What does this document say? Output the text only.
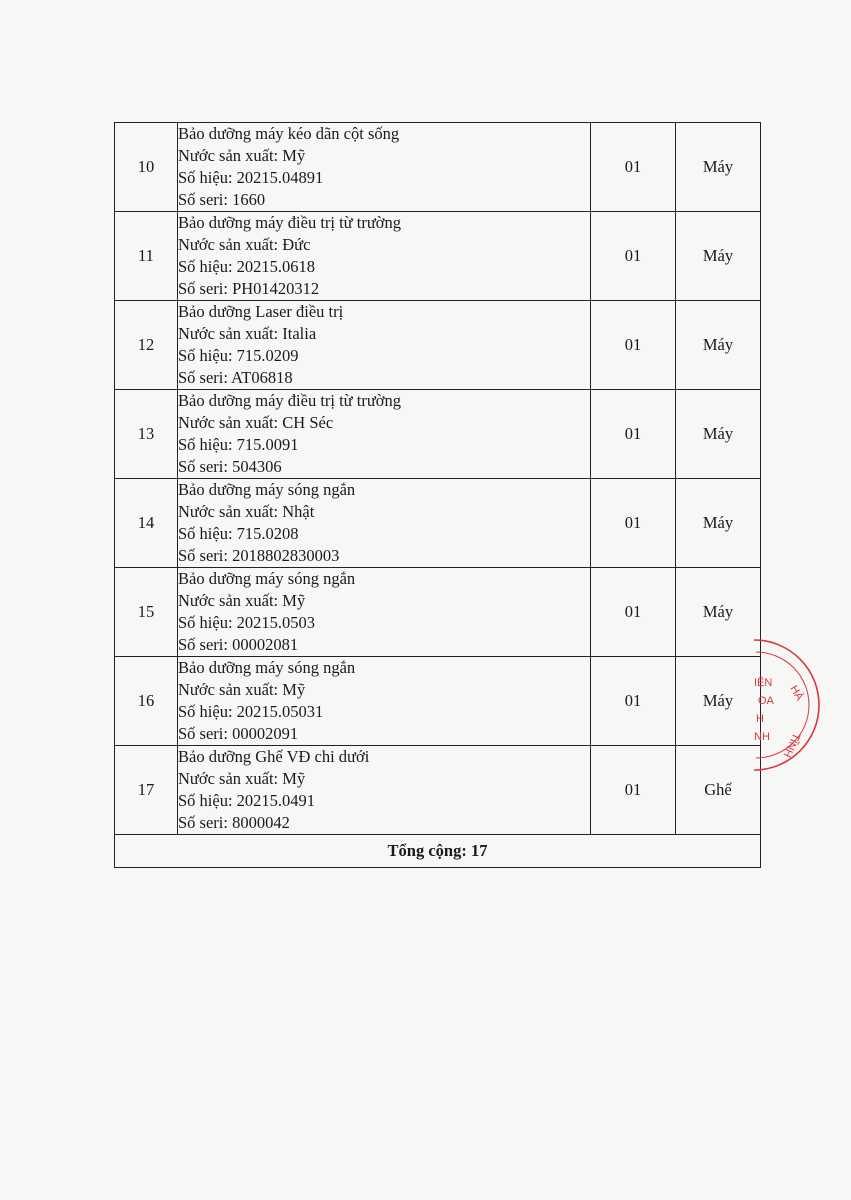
10	Bảo dưỡng máy kéo dãn cột sống
Nước sản xuất: Mỹ
Số hiệu: 20215.04891
Số seri: 1660	01	Máy
11	Bảo dưỡng máy điều trị từ trường
Nước sản xuất: Đức
Số hiệu: 20215.0618
Số seri: PH01420312	01	Máy
12	Bảo dưỡng Laser điều trị
Nước sản xuất: Italia
Số hiệu: 715.0209
Số seri: AT06818	01	Máy
13	Bảo dưỡng máy điều trị từ trường
Nước sản xuất: CH Séc
Số hiệu: 715.0091
Số seri: 504306	01	Máy
14	Bảo dưỡng máy sóng ngắn
Nước sản xuất: Nhật
Số hiệu: 715.0208
Số seri: 2018802830003	01	Máy
15	Bảo dưỡng máy sóng ngắn
Nước sản xuất: Mỹ
Số hiệu: 20215.0503
Số seri: 00002081	01	Máy
16	Bảo dưỡng máy sóng ngắn
Nước sản xuất: Mỹ
Số hiệu: 20215.05031
Số seri: 00002091	01	Máy
17	Bảo dưỡng Ghế VĐ chi dưới
Nước sản xuất: Mỹ
Số hiệu: 20215.0491
Số seri: 8000042	01	Ghế
Tổng cộng: 17			
IỆN
OA
H
NH
HÀ
TĨNH
